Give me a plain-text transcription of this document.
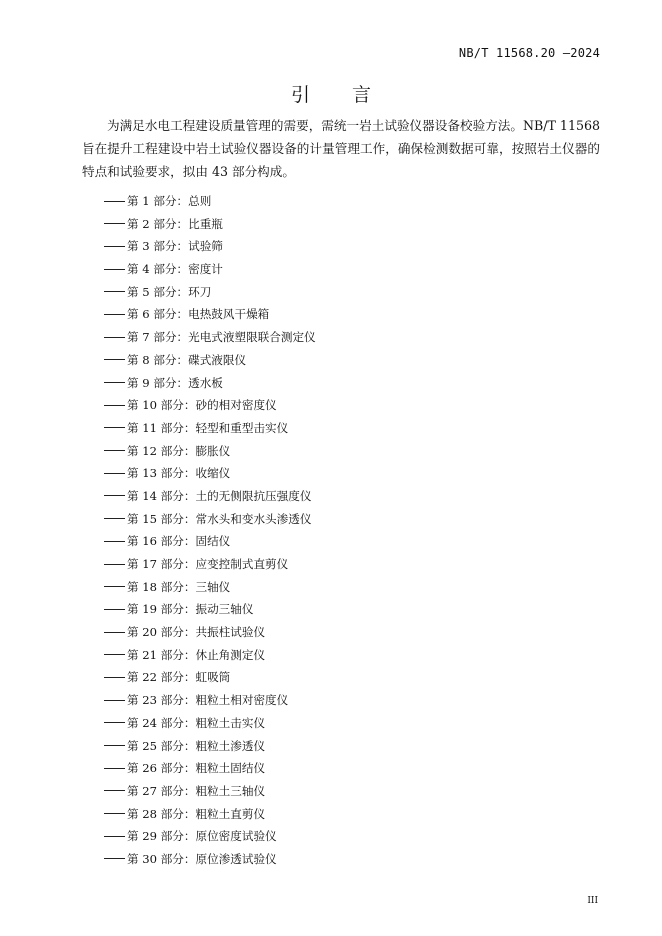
NB/T 11568.20 —2024
引 言

为满足水电工程建设质量管理的需要，需统一岩土试验仪器设备校验方法。NB/T 11568旨在提升工程建设中岩土试验仪器设备的计量管理工作，确保检测数据可靠，按照岩土仪器的特点和试验要求，拟由 43 部分构成。

第 1 部分：总则
第 2 部分：比重瓶
第 3 部分：试验筛
第 4 部分：密度计
第 5 部分：环刀
第 6 部分：电热鼓风干燥箱
第 7 部分：光电式液塑限联合测定仪
第 8 部分：碟式液限仪
第 9 部分：透水板
第 10 部分：砂的相对密度仪
第 11 部分：轻型和重型击实仪
第 12 部分：膨胀仪
第 13 部分：收缩仪
第 14 部分：土的无侧限抗压强度仪
第 15 部分：常水头和变水头渗透仪
第 16 部分：固结仪
第 17 部分：应变控制式直剪仪
第 18 部分：三轴仪
第 19 部分：振动三轴仪
第 20 部分：共振柱试验仪
第 21 部分：休止角测定仪
第 22 部分：虹吸筒
第 23 部分：粗粒土相对密度仪
第 24 部分：粗粒土击实仪
第 25 部分：粗粒土渗透仪
第 26 部分：粗粒土固结仪
第 27 部分：粗粒土三轴仪
第 28 部分：粗粒土直剪仪
第 29 部分：原位密度试验仪
第 30 部分：原位渗透试验仪
III
